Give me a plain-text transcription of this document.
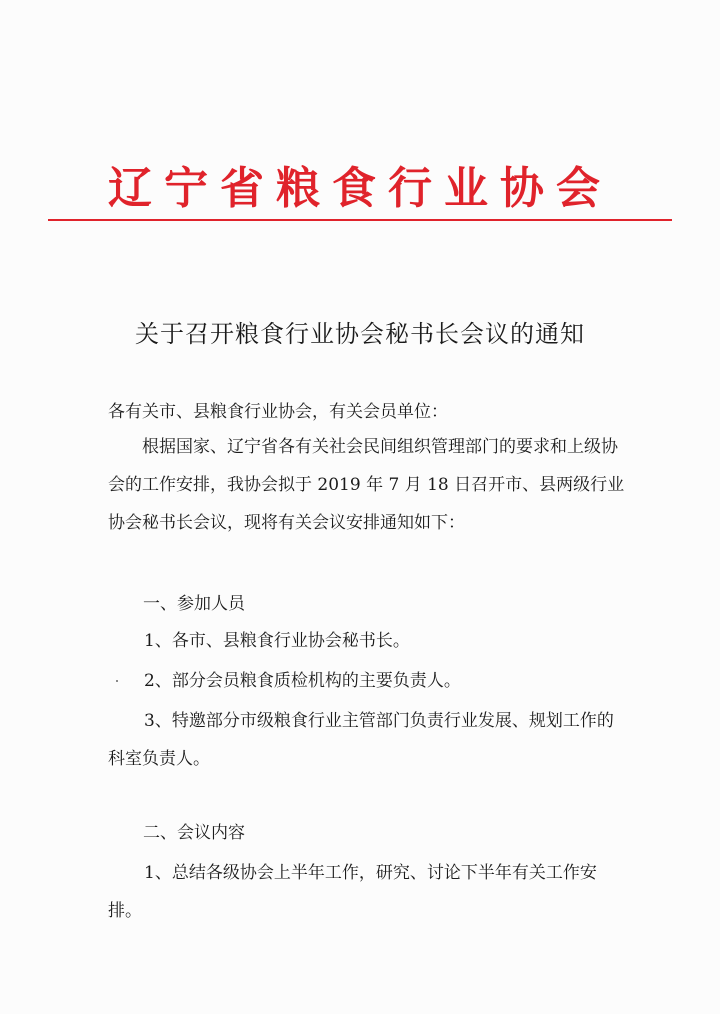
辽宁省粮食行业协会
关于召开粮食行业协会秘书长会议的通知

各有关市、县粮食行业协会，有关会员单位：

根据国家、辽宁省各有关社会民间组织管理部门的要求和上级协会的工作安排，我协会拟于 2019 年 7 月 18 日召开市、县两级行业协会秘书长会议，现将有关会议安排通知如下：

一、参加人员
1、各市、县粮食行业协会秘书长。
2、部分会员粮食质检机构的主要负责人。
3、特邀部分市级粮食行业主管部门负责行业发展、规划工作的科室负责人。
二、会议内容
1、总结各级协会上半年工作，研究、讨论下半年有关工作安排。
